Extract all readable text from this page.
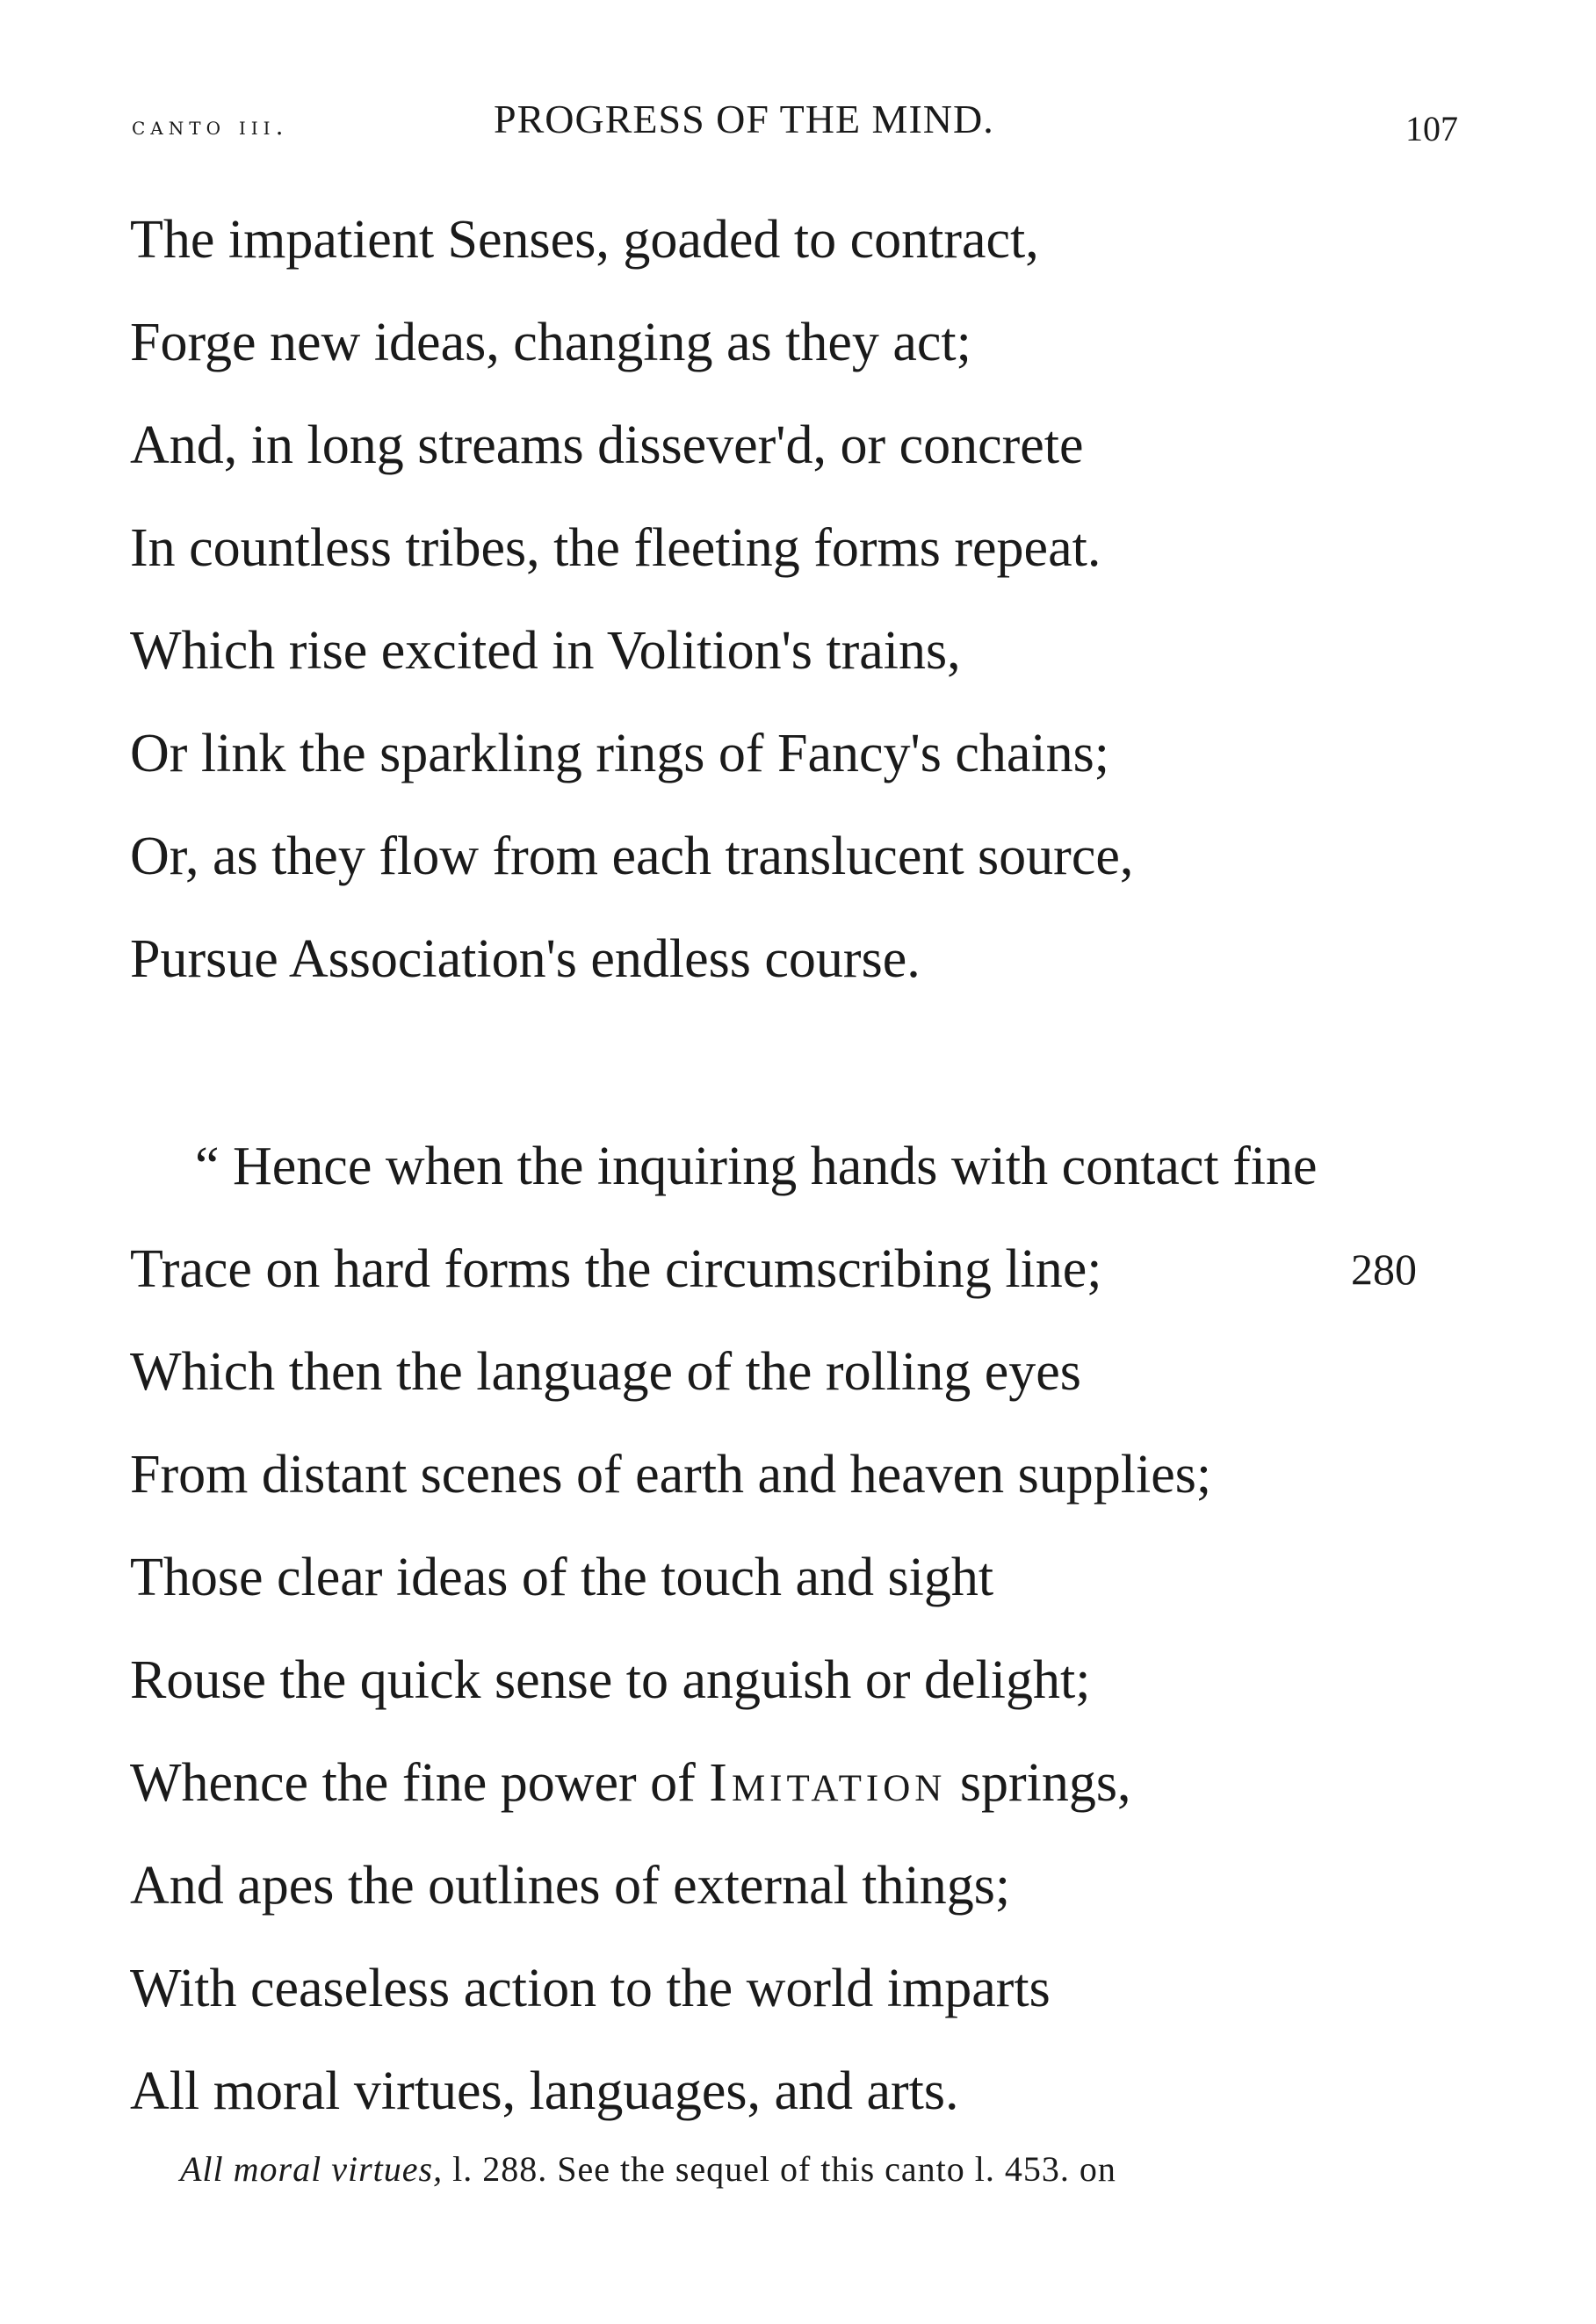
canto iii.	PROGRESS OF THE MIND.	107
The impatient Senses, goaded to contract,
Forge new ideas, changing as they act;
And, in long streams dissever'd, or concrete
In countless tribes, the fleeting forms repeat.
Which rise excited in Volition's trains,
Or link the sparkling rings of Fancy's chains;
Or, as they flow from each translucent source,
Pursue Association's endless course.
“ Hence when the inquiring hands with contact fine
Trace on hard forms the circumscribing line;	280
Which then the language of the rolling eyes
From distant scenes of earth and heaven supplies;
Those clear ideas of the touch and sight
Rouse the quick sense to anguish or delight;
Whence the fine power of Imitation springs,
And apes the outlines of external things;
With ceaseless action to the world imparts
All moral virtues, languages, and arts.
All moral virtues, l. 288. See the sequel of this canto l. 453. on
